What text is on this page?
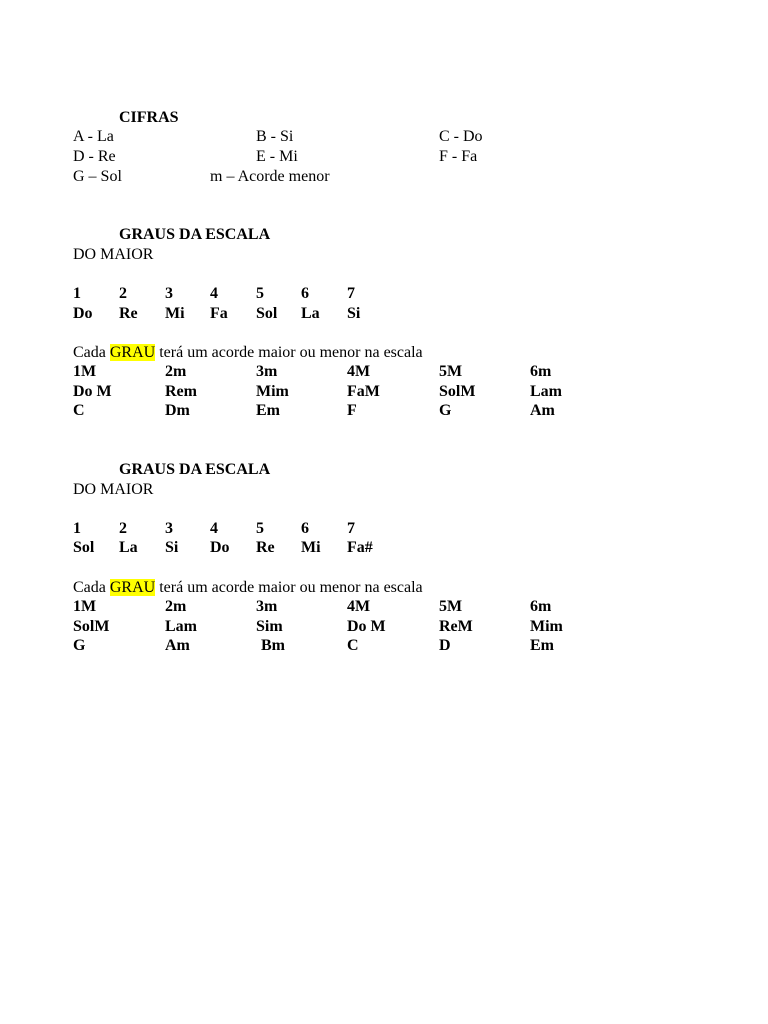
CIFRAS
A - La	B - Si	C - Do
D - Re	E - Mi	F - Fa
G – Sol	m – Acorde menor
GRAUS DA ESCALA
DO MAIOR
1 2 3 4 5 6 7
Do Re Mi Fa Sol La Si
Cada GRAU terá um acorde maior ou menor na escala
1M	2m	3m	4M	5M	6m
Do M	Rem	Mim	FaM	SolM	Lam
C	Dm	Em	F	G	Am
GRAUS DA ESCALA
DO MAIOR
1 2 3 4 5 6 7
Sol La Si Do Re Mi Fa#
Cada GRAU terá um acorde maior ou menor na escala
1M	2m	3m	4M	5M	6m
SolM	Lam	Sim	Do M	ReM	Mim
G	Am	Bm	C	D	Em
